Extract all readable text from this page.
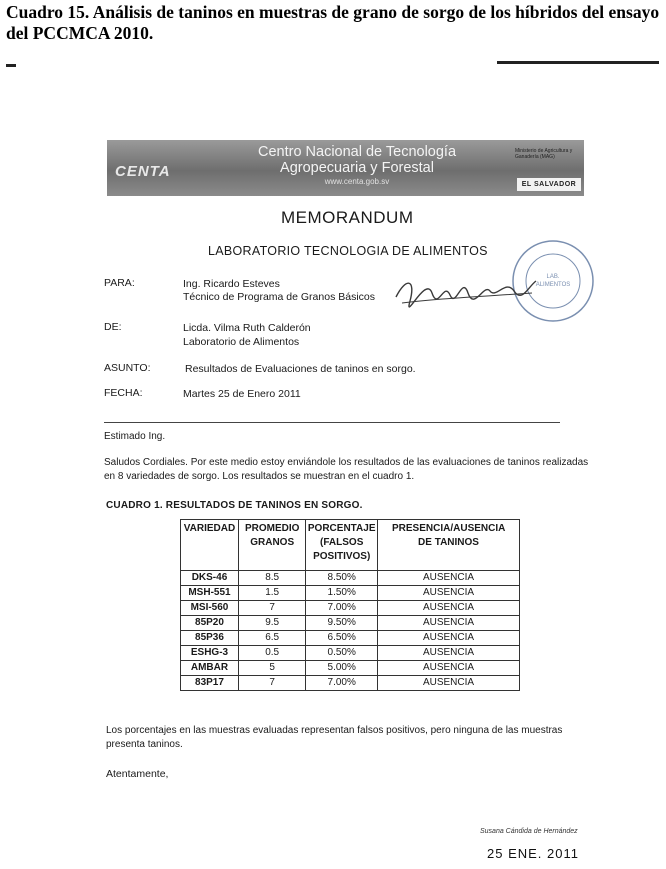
Cuadro 15. Análisis de taninos en muestras de grano de sorgo de los híbridos del ensayo del PCCMCA 2010.
CENTA
Centro Nacional de Tecnología
Agropecuaria y Forestal
www.centa.gob.sv
Ministerio de Agricultura y Ganadería (MAG)
EL SALVADOR
MEMORANDUM
LABORATORIO TECNOLOGIA DE ALIMENTOS
LAB.
ALIMENTOS
PARA:	Ing. Ricardo Esteves
Técnico de Programa de Granos Básicos
DE:	Licda. Vilma Ruth Calderón
Laboratorio de Alimentos
ASUNTO:	Resultados de Evaluaciones de taninos en sorgo.
FECHA:	Martes 25 de Enero 2011
Estimado Ing.
Saludos Cordiales. Por este medio estoy enviándole los resultados de las evaluaciones de taninos realizadas en 8 variedades de sorgo. Los resultados se muestran en el cuadro 1.
CUADRO 1. RESULTADOS DE TANINOS EN SORGO.
VARIEDAD	PROMEDIO GRANOS	PORCENTAJE (FALSOS POSITIVOS)	PRESENCIA/AUSENCIA DE TANINOS
DKS-46	8.5	8.50%	AUSENCIA
MSH-551	1.5	1.50%	AUSENCIA
MSI-560	7	7.00%	AUSENCIA
85P20	9.5	9.50%	AUSENCIA
85P36	6.5	6.50%	AUSENCIA
ESHG-3	0.5	0.50%	AUSENCIA
AMBAR	5	5.00%	AUSENCIA
83P17	7	7.00%	AUSENCIA
Los porcentajes en las muestras evaluadas representan falsos positivos, pero ninguna de las muestras presenta taninos.
Atentamente,
Susana Cándida de Hernández
25 ENE. 2011
